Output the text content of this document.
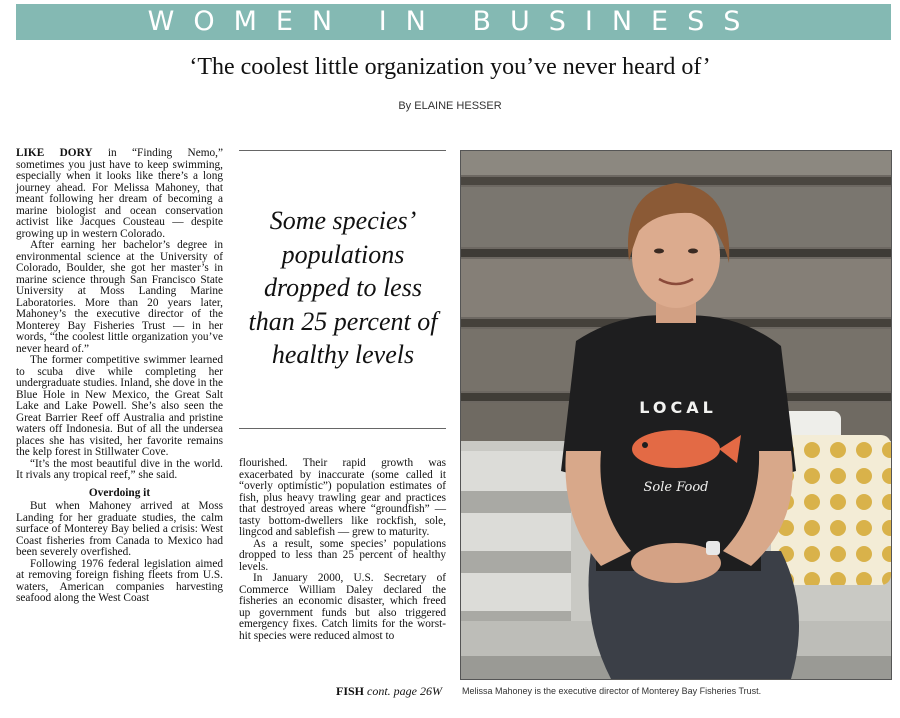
WOMEN IN BUSINESS
‘The coolest little organization you’ve never heard of’
By ELAINE HESSER

LIKE DORY in “Finding Nemo,” sometimes you just have to keep swimming, especially when it looks like there’s a long journey ahead. For Melissa Mahoney, that meant following her dream of becoming a marine biologist and ocean conservation activist like Jacques Cousteau — despite growing up in western Colorado.

After earning her bachelor’s degree in environmental science at the University of Colorado, Boulder, she got her master’s in marine science through San Francisco State University at Moss Landing Marine Laboratories. More than 20 years later, Mahoney’s the executive director of the Monterey Bay Fisheries Trust — in her words, “the coolest little organization you’ve never heard of.”

The former competitive swimmer learned to scuba dive while completing her undergraduate studies. Inland, she dove in the Blue Hole in New Mexico, the Great Salt Lake and Lake Powell. She’s also seen the Great Barrier Reef off Australia and pristine waters off Indonesia. But of all the undersea places she has visited, her favorite remains the kelp forest in Stillwater Cove.

“It’s the most beautiful dive in the world. It rivals any tropical reef,” she said.

Overdoing it

But when Mahoney arrived at Moss Landing for her graduate studies, the calm surface of Monterey Bay belied a crisis: West Coast fisheries from Canada to Mexico had been severely overfished.

Following 1976 federal legislation aimed at removing foreign fishing fleets from U.S. waters, American companies harvesting seafood along the West Coast

Some species’ populations dropped to less than 25 percent of healthy levels

flourished. Their rapid growth was exacerbated by inaccurate (some called it “overly optimistic”) population estimates of fish, plus heavy trawling gear and practices that destroyed areas where “groundfish” — tasty bottom-dwellers like rockfish, sole, lingcod and sablefish — grew to maturity.

As a result, some species’ populations dropped to less than 25 percent of healthy levels.

In January 2000, U.S. Secretary of Commerce William Daley declared the fisheries an economic disaster, which freed up government funds but also triggered emergency fixes. Catch limits for the worst-hit species were reduced almost to

FISH cont. page 26W
LOCAL
Sole Food
Melissa Mahoney is the executive director of Monterey Bay Fisheries Trust.
